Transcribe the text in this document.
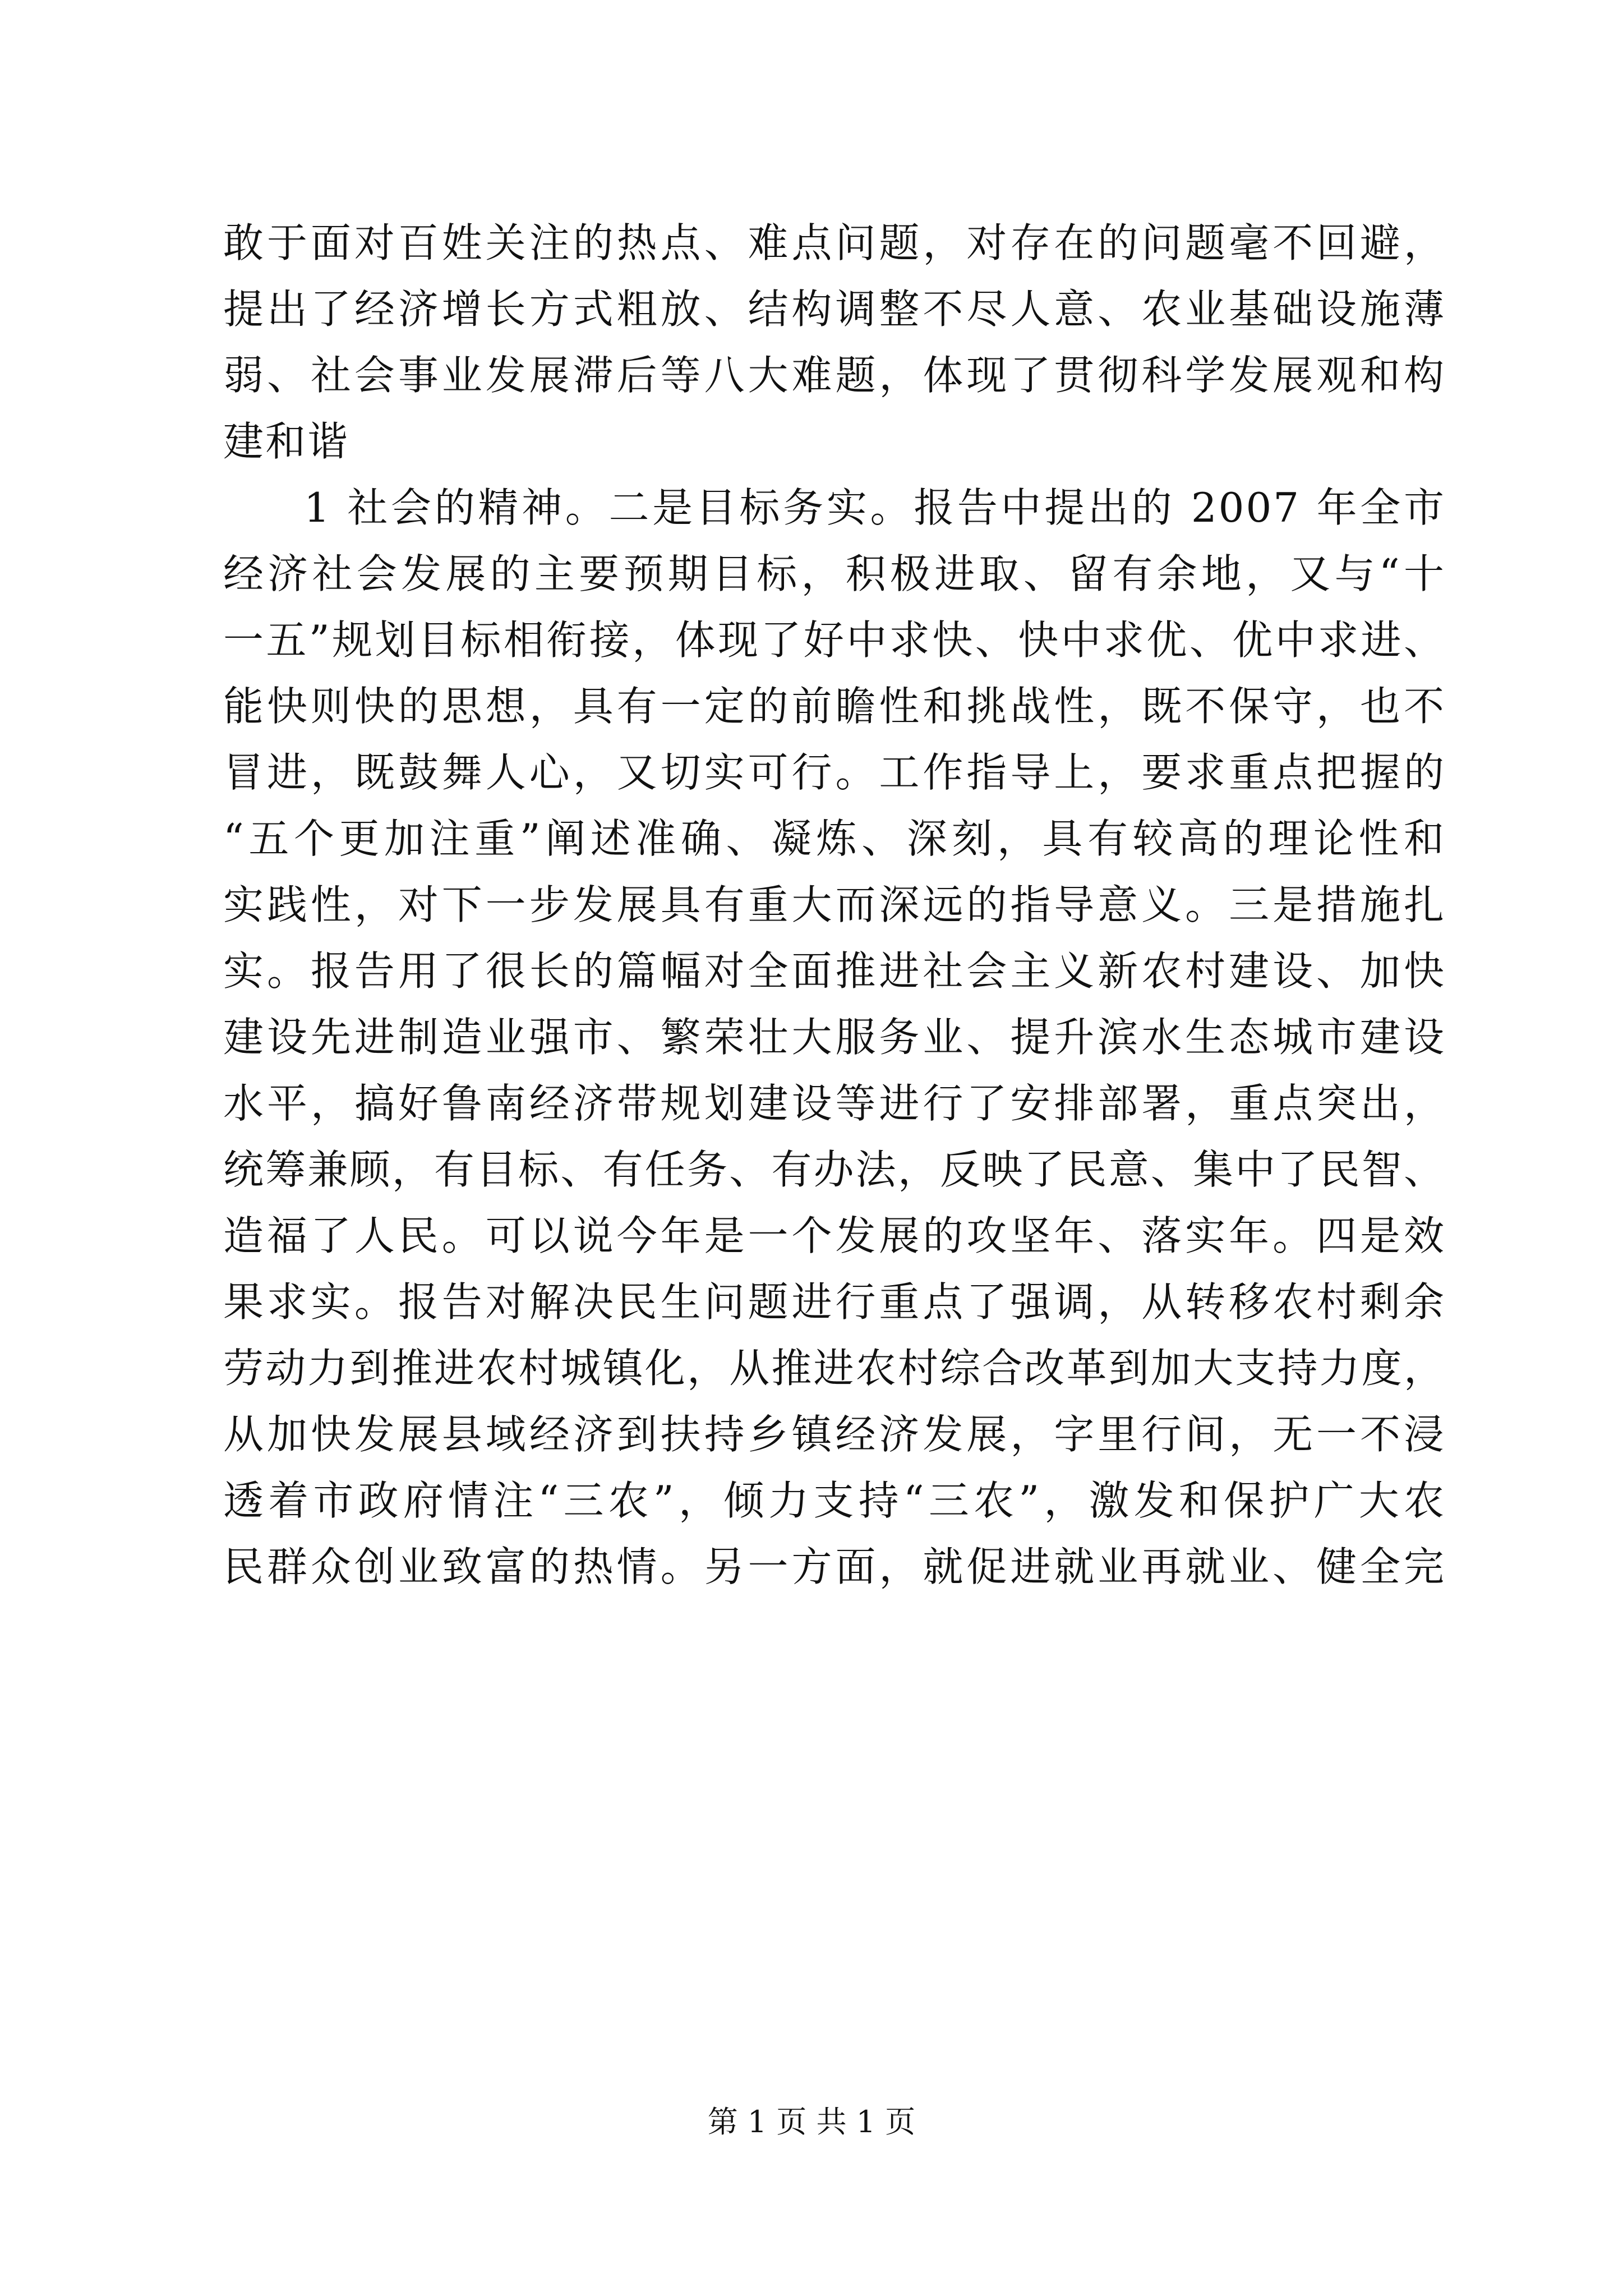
敢于面对百姓关注的热点、难点问题，对存在的问题毫不回避，
提出了经济增长方式粗放、结构调整不尽人意、农业基础设施薄
弱、社会事业发展滞后等八大难题，体现了贯彻科学发展观和构
建和谐
1 社会的精神。二是目标务实。报告中提出的 2007 年全市
经济社会发展的主要预期目标，积极进取、留有余地，又与“十
一五”规划目标相衔接，体现了好中求快、快中求优、优中求进、
能快则快的思想，具有一定的前瞻性和挑战性，既不保守，也不
冒进，既鼓舞人心，又切实可行。工作指导上，要求重点把握的
“五个更加注重”阐述准确、凝炼、深刻，具有较高的理论性和
实践性，对下一步发展具有重大而深远的指导意义。三是措施扎
实。报告用了很长的篇幅对全面推进社会主义新农村建设、加快
建设先进制造业强市、繁荣壮大服务业、提升滨水生态城市建设
水平，搞好鲁南经济带规划建设等进行了安排部署，重点突出，
统筹兼顾，有目标、有任务、有办法，反映了民意、集中了民智、
造福了人民。可以说今年是一个发展的攻坚年、落实年。四是效
果求实。报告对解决民生问题进行重点了强调，从转移农村剩余
劳动力到推进农村城镇化，从推进农村综合改革到加大支持力度，
从加快发展县域经济到扶持乡镇经济发展，字里行间，无一不浸
透着市政府情注“三农”，倾力支持“三农”，激发和保护广大农
民群众创业致富的热情。另一方面，就促进就业再就业、健全完
第 1 页 共 1 页
